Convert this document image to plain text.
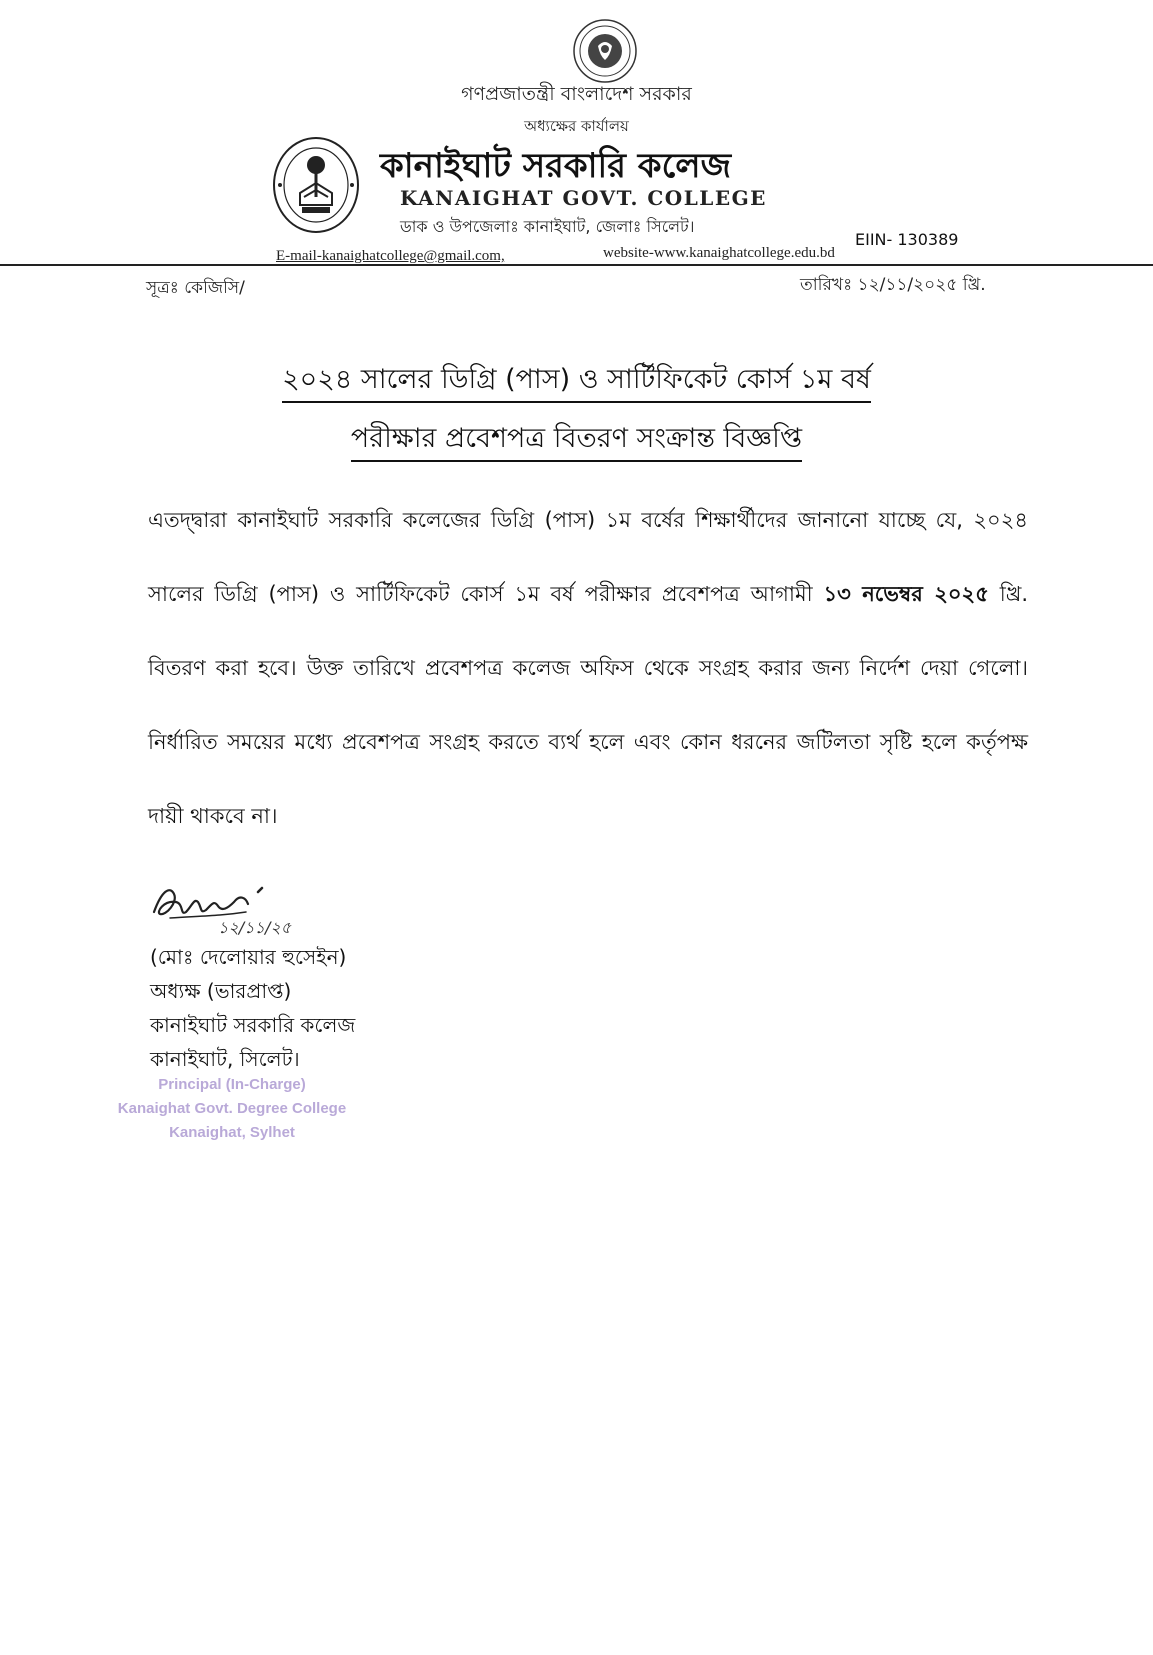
গণপ্রজাতন্ত্রী বাংলাদেশ সরকার
অধ্যক্ষের কার্যালয়
কানাইঘাট সরকারি কলেজ
KANAIGHAT GOVT. COLLEGE
ডাক ও উপজেলাঃ কানাইঘাট, জেলাঃ সিলেট।
EIIN- 130389
E-mail-kanaighatcollege@gmail.com,	website-www.kanaighatcollege.edu.bd
সূত্রঃ কেজিসি/	তারিখঃ ১২/১১/২০২৫ খ্রি.
২০২৪ সালের ডিগ্রি (পাস) ও সার্টিফিকেট কোর্স ১ম বর্ষ
পরীক্ষার প্রবেশপত্র বিতরণ সংক্রান্ত বিজ্ঞপ্তি
এতদ্দ্বারা কানাইঘাট সরকারি কলেজের ডিগ্রি (পাস) ১ম বর্ষের শিক্ষার্থীদের জানানো যাচ্ছে যে, ২০২৪ সালের ডিগ্রি (পাস) ও সার্টিফিকেট কোর্স ১ম বর্ষ পরীক্ষার প্রবেশপত্র আগামী ১৩ নভেম্বর ২০২৫ খ্রি. বিতরণ করা হবে। উক্ত তারিখে প্রবেশপত্র কলেজ অফিস থেকে সংগ্রহ করার জন্য নির্দেশ দেয়া গেলো। নির্ধারিত সময়ের মধ্যে প্রবেশপত্র সংগ্রহ করতে ব্যর্থ হলে এবং কোন ধরনের জটিলতা সৃষ্টি হলে কর্তৃপক্ষ দায়ী থাকবে না।
১২/১১/২৫
(মোঃ দেলোয়ার হুসেইন)
অধ্যক্ষ (ভারপ্রাপ্ত)
কানাইঘাট সরকারি কলেজ
কানাইঘাট, সিলেট।
Principal (In-Charge)
Kanaighat Govt. Degree College
Kanaighat, Sylhet
